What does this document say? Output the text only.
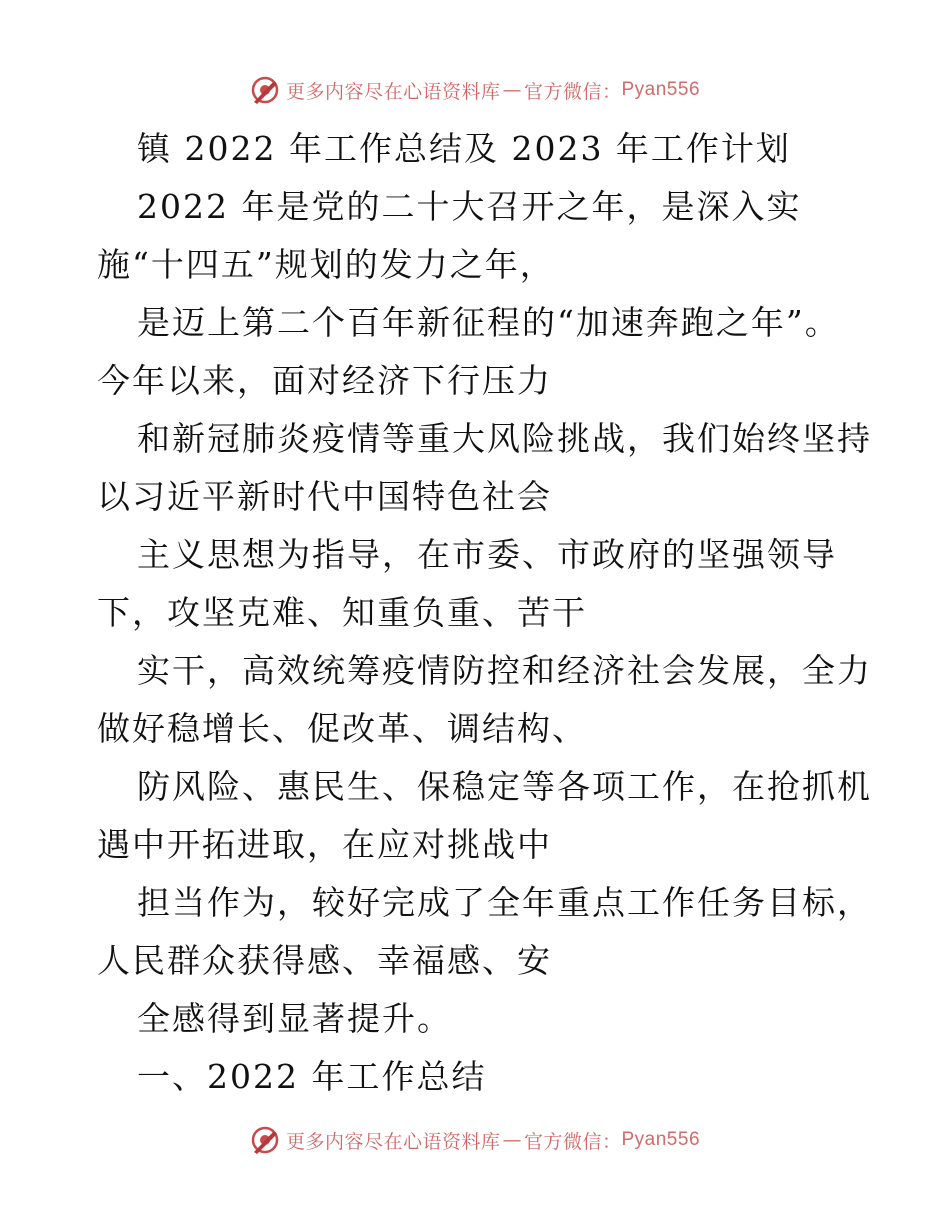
更多内容尽在心语资料库 — 官方微信： Pyan556
镇 2022 年工作总结及 2023 年工作计划
2022 年是党的二十大召开之年，是深入实
施“十四五”规划的发力之年，
是迈上第二个百年新征程的“加速奔跑之年”。
今年以来，面对经济下行压力
和新冠肺炎疫情等重大风险挑战，我们始终坚持
以习近平新时代中国特色社会
主义思想为指导，在市委、市政府的坚强领导
下，攻坚克难、知重负重、苦干
实干，高效统筹疫情防控和经济社会发展，全力
做好稳增长、促改革、调结构、
防风险、惠民生、保稳定等各项工作，在抢抓机
遇中开拓进取，在应对挑战中
担当作为，较好完成了全年重点工作任务目标，
人民群众获得感、幸福感、安
全感得到显著提升。
一、2022 年工作总结
更多内容尽在心语资料库 — 官方微信： Pyan556
